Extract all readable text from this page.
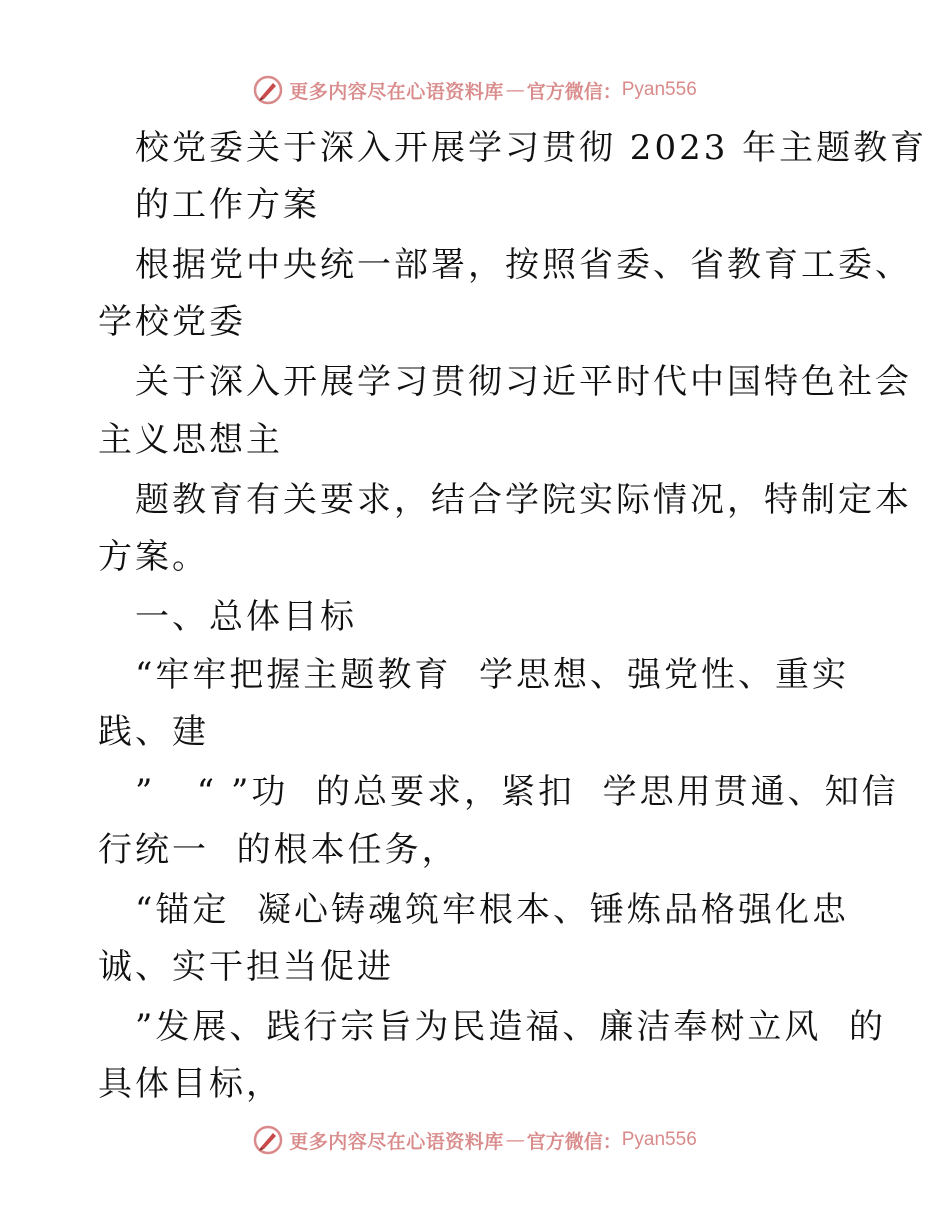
更多内容尽在心语资料库 — 官方微信： Pyan556
校党委关于深入开展学习贯彻 2023 年主题教育
的工作方案
根据党中央统一部署，按照省委、省教育工委、
学校党委
关于深入开展学习贯彻习近平时代中国特色社会
主义思想主
题教育有关要求，结合学院实际情况，特制定本
方案。
一、总体目标
“牢牢把握主题教育  学思想、强党性、重实
践、建
”   “ ”功  的总要求，紧扣  学思用贯通、知信
行统一  的根本任务，
“锚定  凝心铸魂筑牢根本、锤炼品格强化忠
诚、实干担当促进
”发展、践行宗旨为民造福、廉洁奉树立风  的
具体目标，
更多内容尽在心语资料库 — 官方微信： Pyan556
